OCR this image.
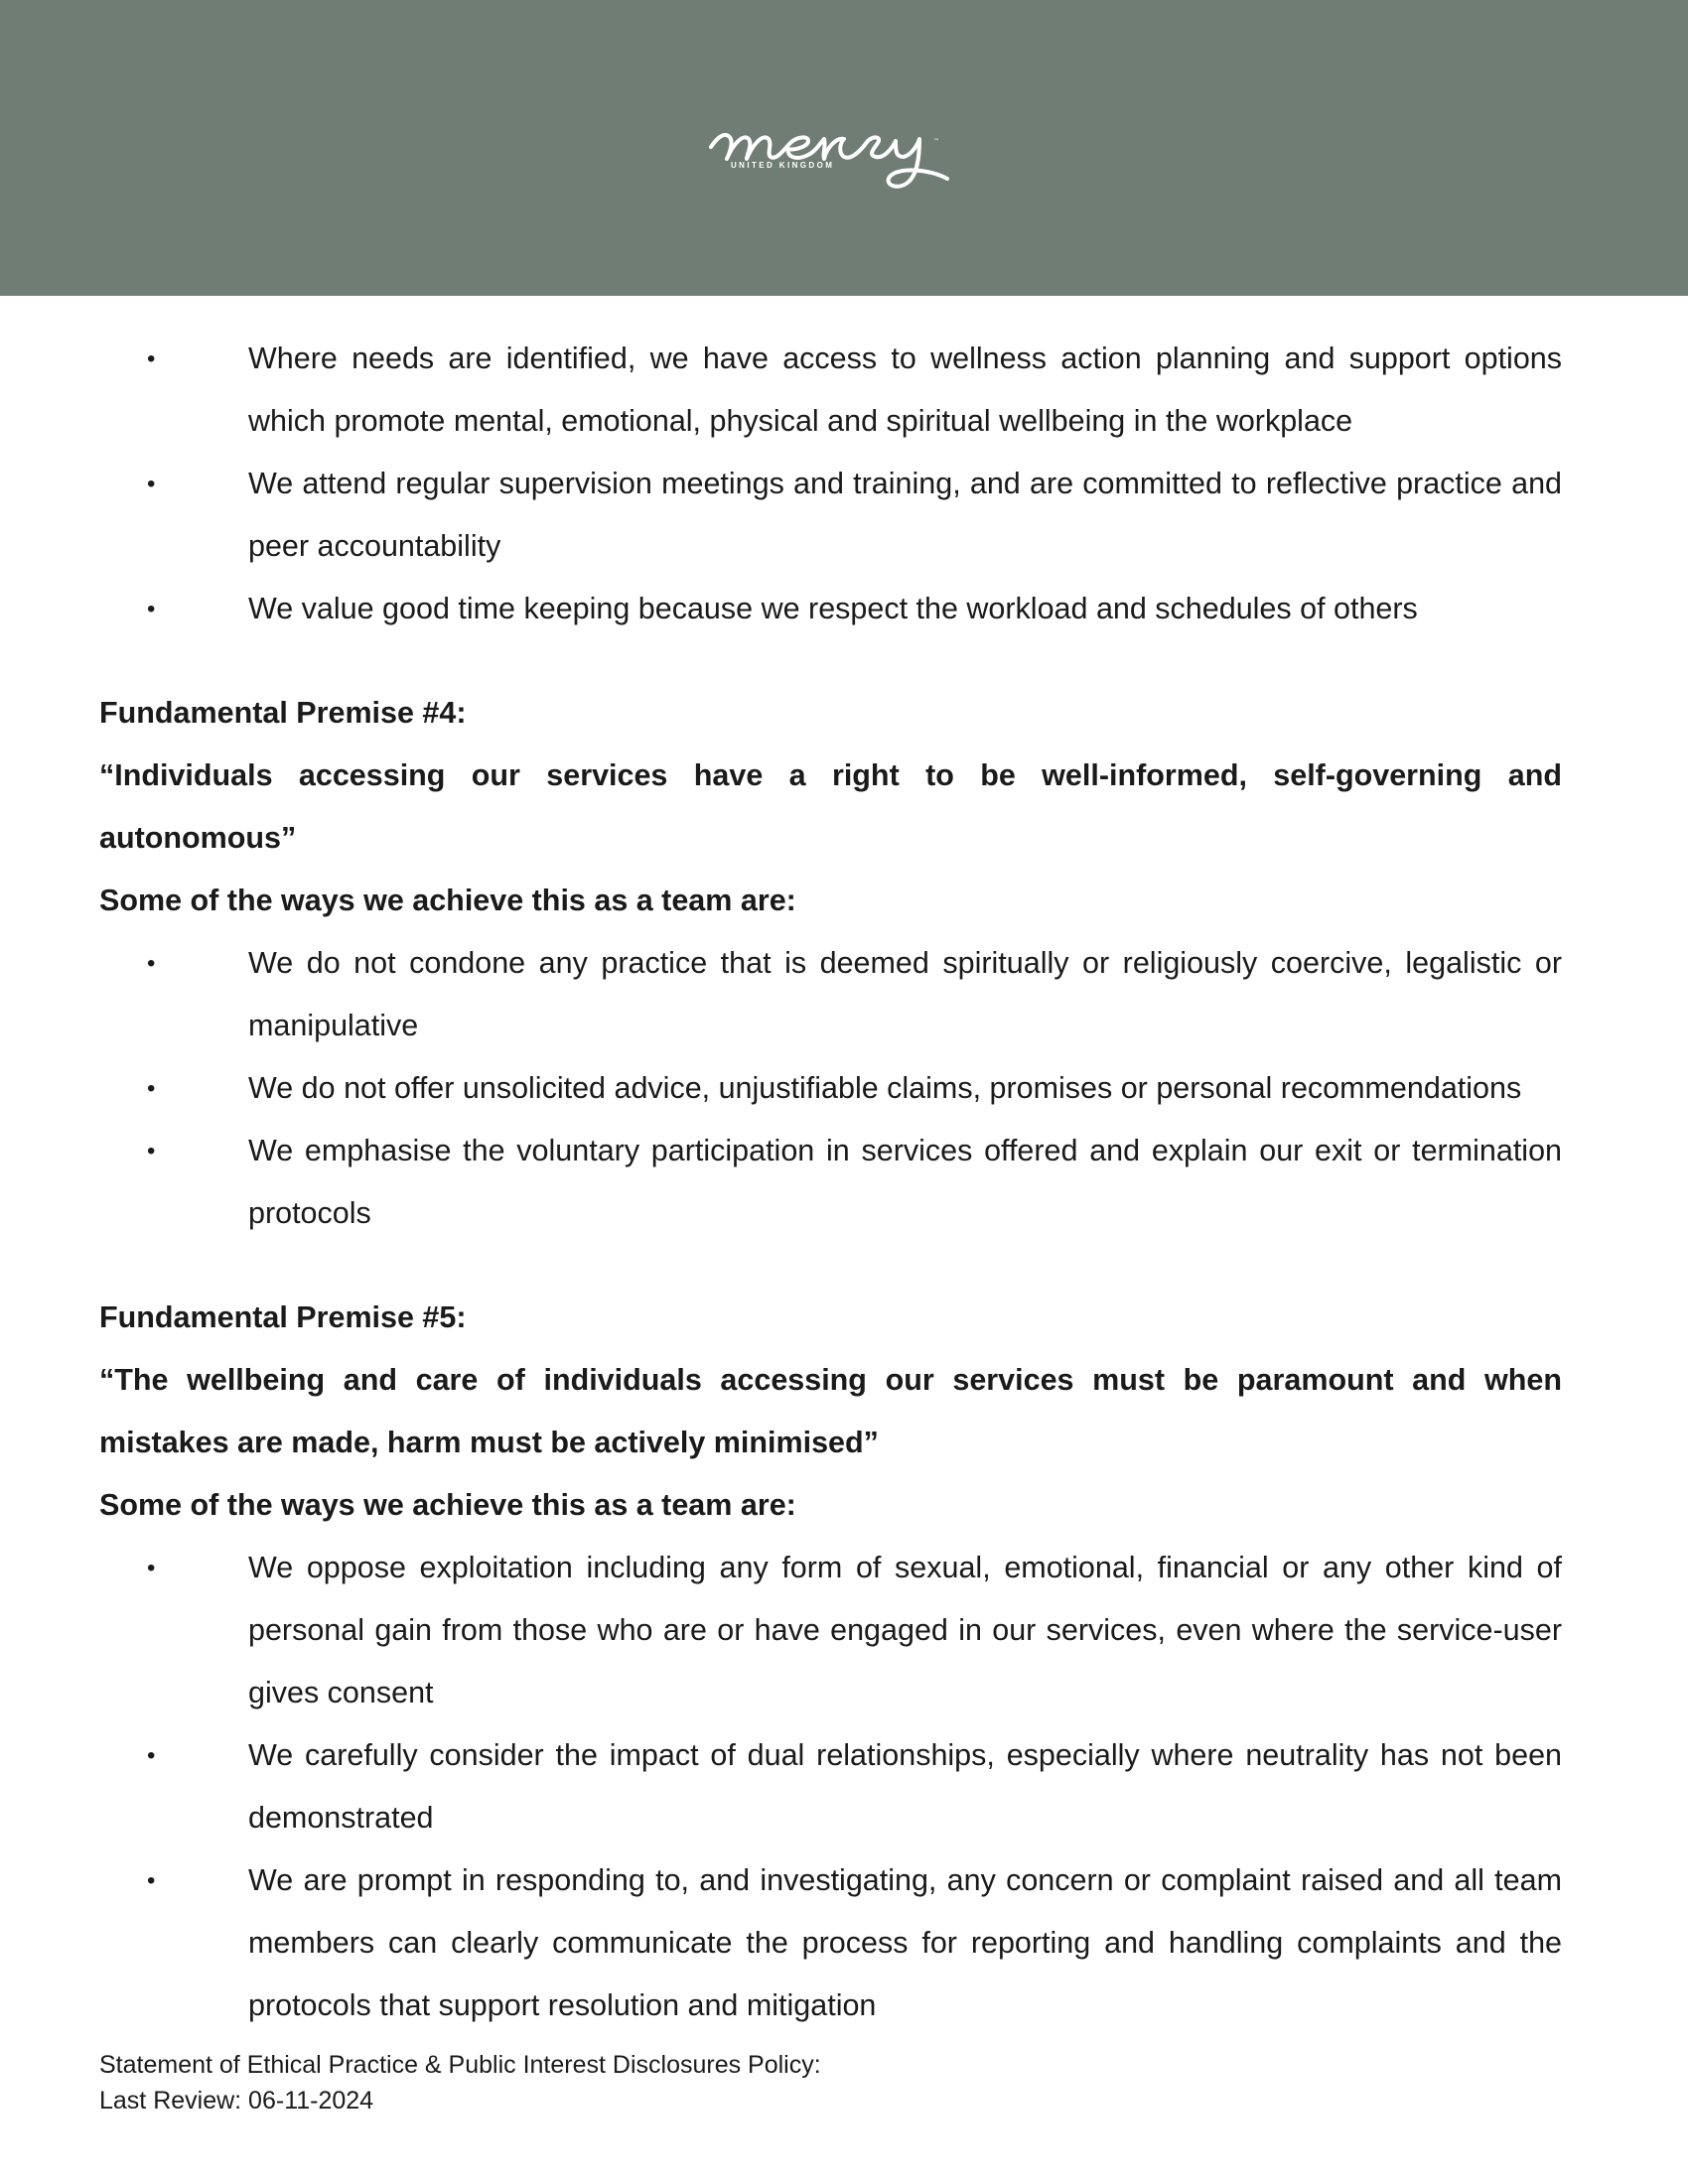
™
UNITED KINGDOM
• Where needs are identified, we have access to wellness action planning and support options which promote mental, emotional, physical and spiritual wellbeing in the workplace
• We attend regular supervision meetings and training, and are committed to reflective practice and peer accountability
• We value good time keeping because we respect the workload and schedules of others
Fundamental Premise #4:
“Individuals accessing our services have a right to be well-informed, self-governing and autonomous”
Some of the ways we achieve this as a team are:
• We do not condone any practice that is deemed spiritually or religiously coercive, legalistic or manipulative
• We do not offer unsolicited advice, unjustifiable claims, promises or personal recommendations
• We emphasise the voluntary participation in services offered and explain our exit or termination protocols
Fundamental Premise #5:
“The wellbeing and care of individuals accessing our services must be paramount and when mistakes are made, harm must be actively minimised”
Some of the ways we achieve this as a team are:
• We oppose exploitation including any form of sexual, emotional, financial or any other kind of personal gain from those who are or have engaged in our services, even where the service-user gives consent
• We carefully consider the impact of dual relationships, especially where neutrality has not been demonstrated
• We are prompt in responding to, and investigating, any concern or complaint raised and all team members can clearly communicate the process for reporting and handling complaints and the protocols that support resolution and mitigation
Statement of Ethical Practice & Public Interest Disclosures Policy:
Last Review: 06-11-2024
